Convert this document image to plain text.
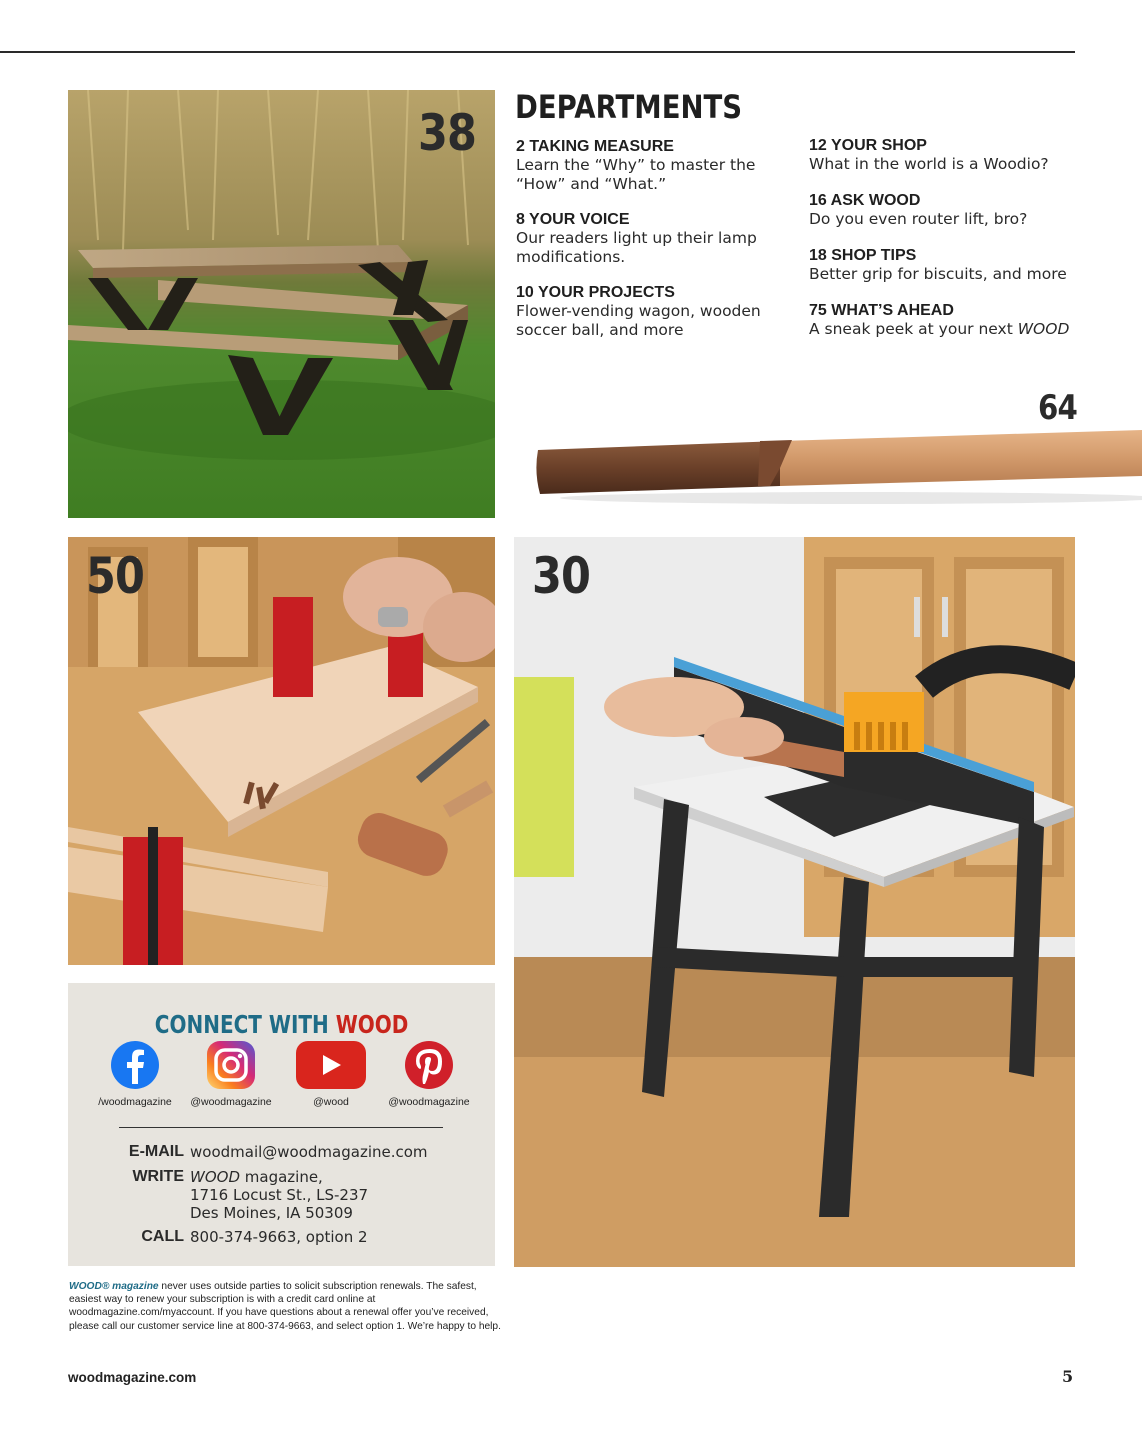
38 DEPARTMENTS
2 TAKING MEASURE
Learn the “Why” to master the “How” and “What.”
8 YOUR VOICE
Our readers light up their lamp modifications.
10 YOUR PROJECTS
Flower-vending wagon, wooden soccer ball, and more
12 YOUR SHOP
What in the world is a Woodio?
16 ASK WOOD
Do you even router lift, bro?
18 SHOP TIPS
Better grip for biscuits, and more
75 WHAT’S AHEAD
A sneak peek at your next WOOD
64
50	30
CONNECT WITH WOOD
/woodmagazine	@woodmagazine	@wood	@woodmagazine
E-MAIL woodmail@woodmagazine.com
WRITE WOOD magazine,
1716 Locust St., LS-237
Des Moines, IA 50309
CALL 800-374-9663, option 2
WOOD® magazine never uses outside parties to solicit subscription renewals. The safest, easiest way to renew your subscription is with a credit card online at woodmagazine.com/myaccount. If you have questions about a renewal offer you’ve received, please call our customer service line at 800-374-9663, and select option 1. We’re happy to help.
woodmagazine.com	5
